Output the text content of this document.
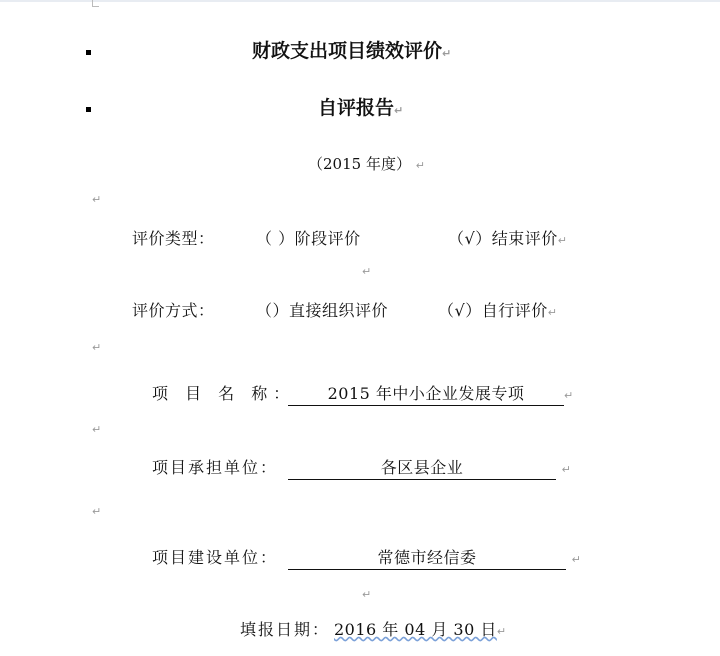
财政支出项目绩效评价↵
自评报告↵
（2015 年度） ↵
↵
评价类型：	（ ）阶段评价	（√）结束评价↵
↵
评价方式：	（）直接组织评价	（√）自行评价↵
↵
项 目 名 称：	2015 年中小企业发展专项	↵
↵
项目承担单位：	各区县企业	↵
↵
项目建设单位：	常德市经信委	↵
↵
填报日期： 2016 年 04 月 30 日↵
